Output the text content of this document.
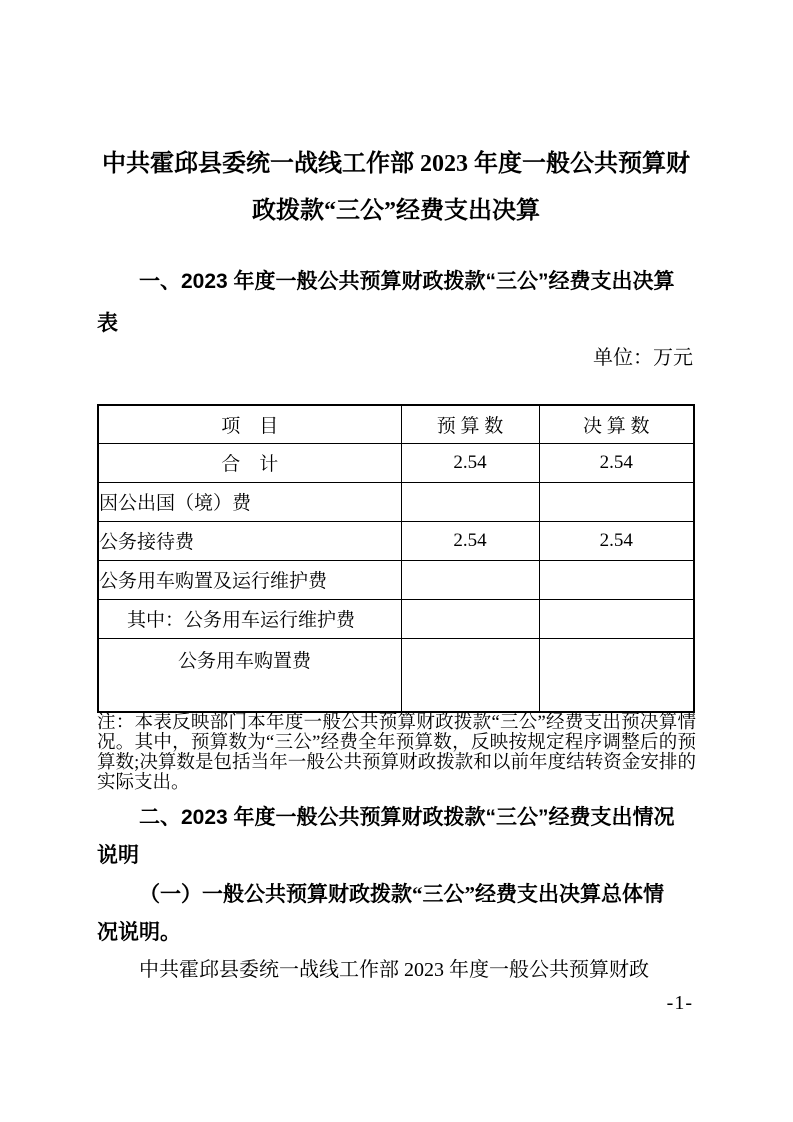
中共霍邱县委统一战线工作部 2023 年度一般公共预算财
政拨款“三公”经费支出决算
一、2023 年度一般公共预算财政拨款“三公”经费支出决算
表
单位：万元
项　目	预 算 数	决 算 数
合　计	2.54	2.54
因公出国（境）费		
公务接待费	2.54	2.54
公务用车购置及运行维护费		
其中：公务用车运行维护费		
公务用车购置费		
注：本表反映部门本年度一般公共预算财政拨款“三公”经费支出预决算情况。其中，预算数为“三公”经费全年预算数，反映按规定程序调整后的预算数;决算数是包括当年一般公共预算财政拨款和以前年度结转资金安排的实际支出。
二、2023 年度一般公共预算财政拨款“三公”经费支出情况
说明
（一）一般公共预算财政拨款“三公”经费支出决算总体情
况说明。
中共霍邱县委统一战线工作部 2023 年度一般公共预算财政
-1-
